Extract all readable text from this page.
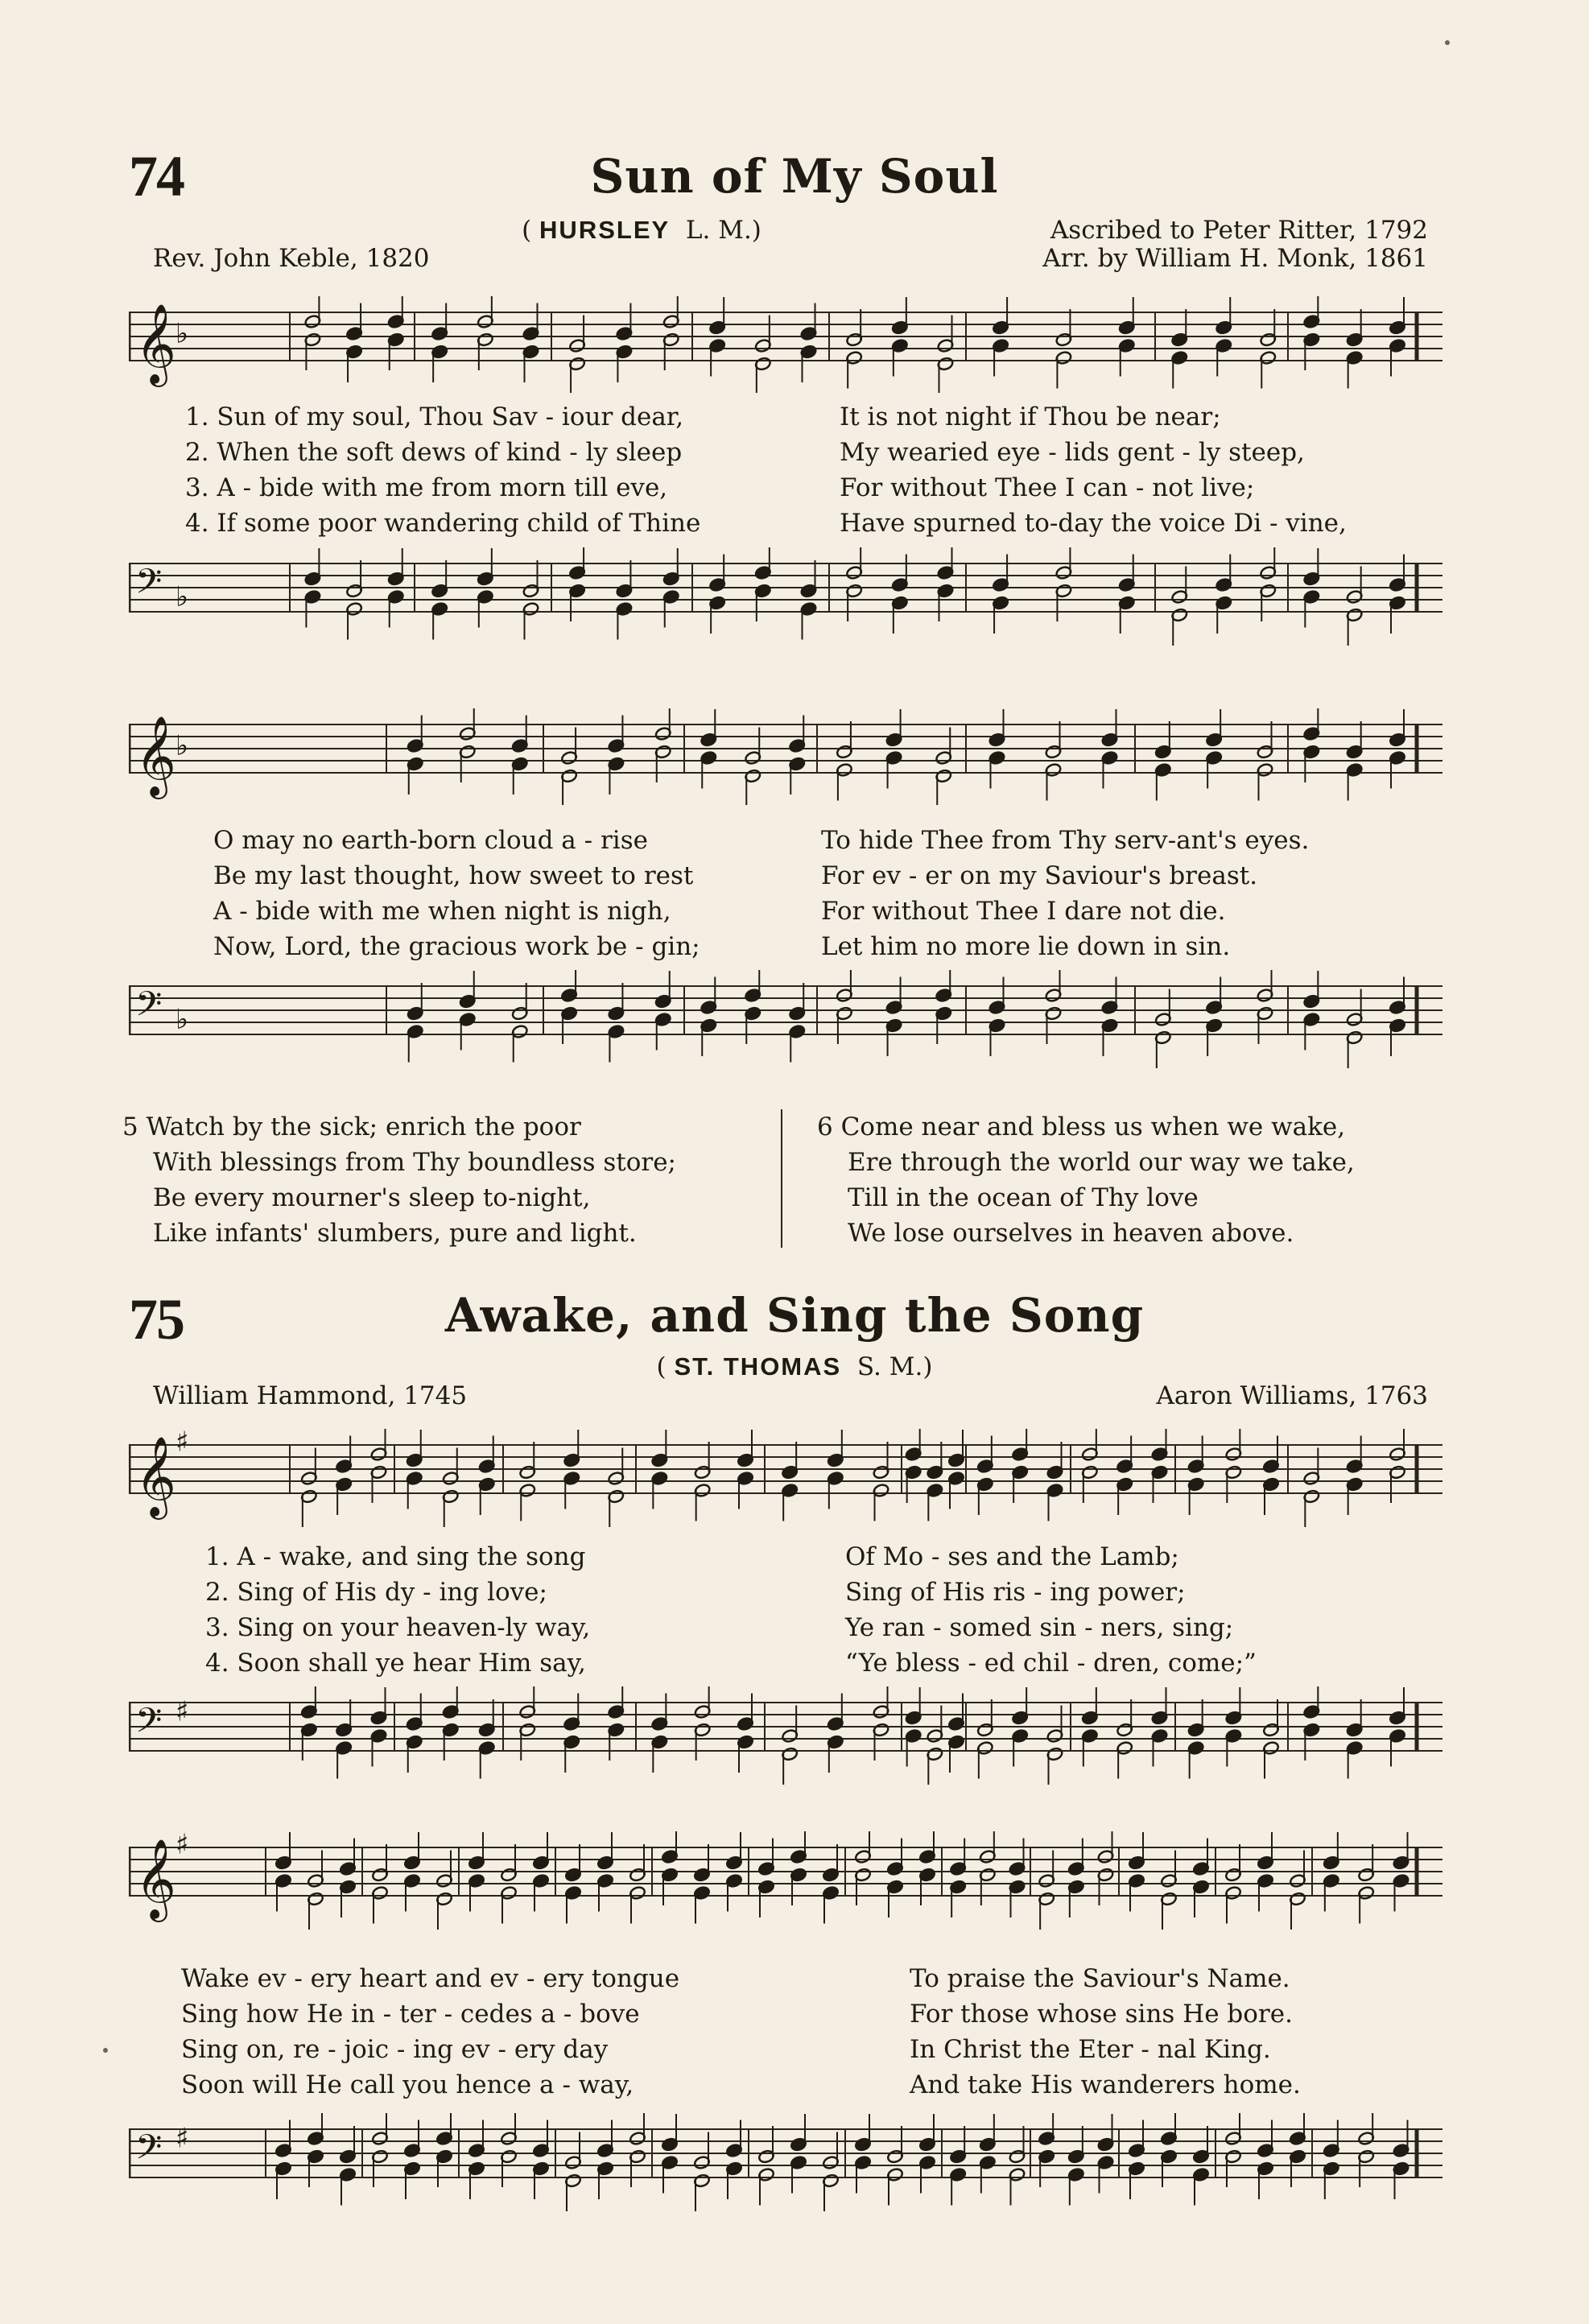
74	Sun of My Soul
( HURSLEY L. M.)	Ascribed to Peter Ritter, 1792
Rev. John Keble, 1820	Arr. by William H. Monk, 1861
𝄞 ♭
1. Sun of my soul, Thou Sav - iour dear,
2. When the soft dews of kind - ly sleep
3. A - bide with me from morn till eve,
4. If some poor wandering child of Thine
It is not night if Thou be near;
My wearied eye - lids gent - ly steep,
For without Thee I can - not live;
Have spurned to-day the voice Di - vine,
𝄢 ♭
𝄞 ♭
O may no earth-born cloud a - rise
Be my last thought, how sweet to rest
A - bide with me when night is nigh,
Now, Lord, the gracious work be - gin;
To hide Thee from Thy serv-ant's eyes.
For ev - er on my Saviour's breast.
For without Thee I dare not die.
Let him no more lie down in sin.
𝄢 ♭
5 Watch by the sick; enrich the poor
With blessings from Thy boundless store;
Be every mourner's sleep to-night,
Like infants' slumbers, pure and light.
6 Come near and bless us when we wake,
Ere through the world our way we take,
Till in the ocean of Thy love
We lose ourselves in heaven above.
75	Awake, and Sing the Song
( ST. THOMAS S. M.)
William Hammond, 1745	Aaron Williams, 1763
𝄞 ♯
1. A - wake, and sing the song
2. Sing of His dy - ing love;
3. Sing on your heaven-ly way,
4. Soon shall ye hear Him say,
Of Mo - ses and the Lamb;
Sing of His ris - ing power;
Ye ran - somed sin - ners, sing;
“Ye bless - ed chil - dren, come;”
𝄢 ♯
𝄞 ♯
Wake ev - ery heart and ev - ery tongue
Sing how He in - ter - cedes a - bove
Sing on, re - joic - ing ev - ery day
Soon will He call you hence a - way,
To praise the Saviour's Name.
For those whose sins He bore.
In Christ the Eter - nal King.
And take His wanderers home.
𝄢 ♯
